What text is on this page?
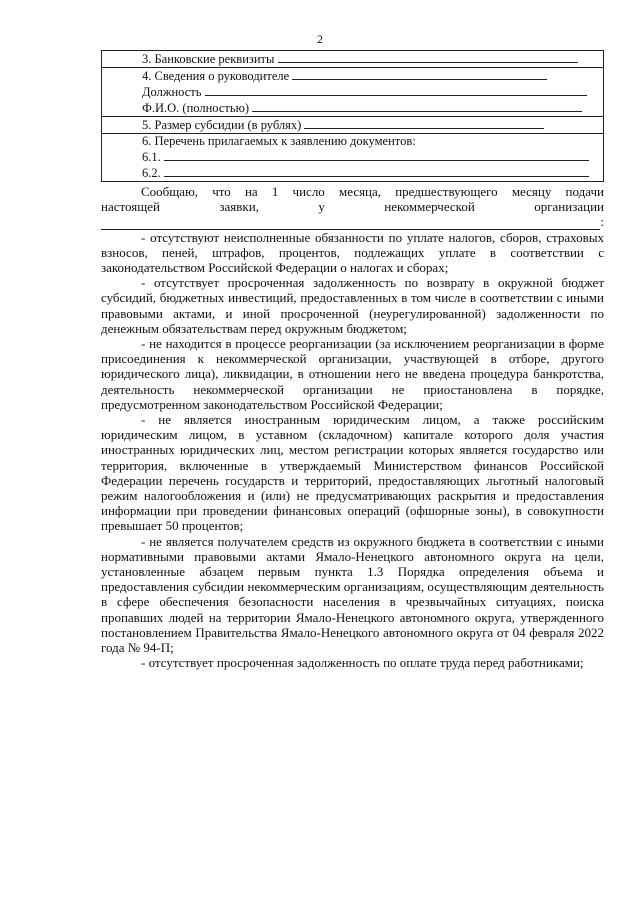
2
3. Банковские реквизиты

4. Сведения о руководителе
Должность
Ф.И.О. (полностью)

5. Размер субсидии (в рублях)

6. Перечень прилагаемых к заявлению документов:
6.1.
6.2.

Сообщаю, что на 1 число месяца, предшествующего месяцу подачи

настоящей заявки, у некоммерческой организации
:

- отсутствуют неисполненные обязанности по уплате налогов, сборов, страховых взносов, пеней, штрафов, процентов, подлежащих уплате в соответствии с законодательством Российской Федерации о налогах и сборах;

- отсутствует просроченная задолженность по возврату в окружной бюджет субсидий, бюджетных инвестиций, предоставленных в том числе в соответствии с иными правовыми актами, и иной просроченной (неурегулированной) задолженности по денежным обязательствам перед окружным бюджетом;

- не находится в процессе реорганизации (за исключением реорганизации в форме присоединения к некоммерческой организации, участвующей в отборе, другого юридического лица), ликвидации, в отношении него не введена процедура банкротства, деятельность некоммерческой организации не приостановлена в порядке, предусмотренном законодательством Российской Федерации;

- не является иностранным юридическим лицом, а также российским юридическим лицом, в уставном (складочном) капитале которого доля участия иностранных юридических лиц, местом регистрации которых является государство или территория, включенные в утверждаемый Министерством финансов Российской Федерации перечень государств и территорий, предоставляющих льготный налоговый режим налогообложения и (или) не предусматривающих раскрытия и предоставления информации при проведении финансовых операций (офшорные зоны), в совокупности превышает 50 процентов;

- не является получателем средств из окружного бюджета в соответствии с иными нормативными правовыми актами Ямало-Ненецкого автономного округа на цели, установленные абзацем первым пункта 1.3 Порядка определения объема и предоставления субсидии некоммерческим организациям, осуществляющим деятельность в сфере обеспечения безопасности населения в чрезвычайных ситуациях, поиска пропавших людей на территории Ямало-Ненецкого автономного округа, утвержденного постановлением Правительства Ямало-Ненецкого автономного округа от 04 февраля 2022 года № 94-П;

- отсутствует просроченная задолженность по оплате труда перед работниками;
